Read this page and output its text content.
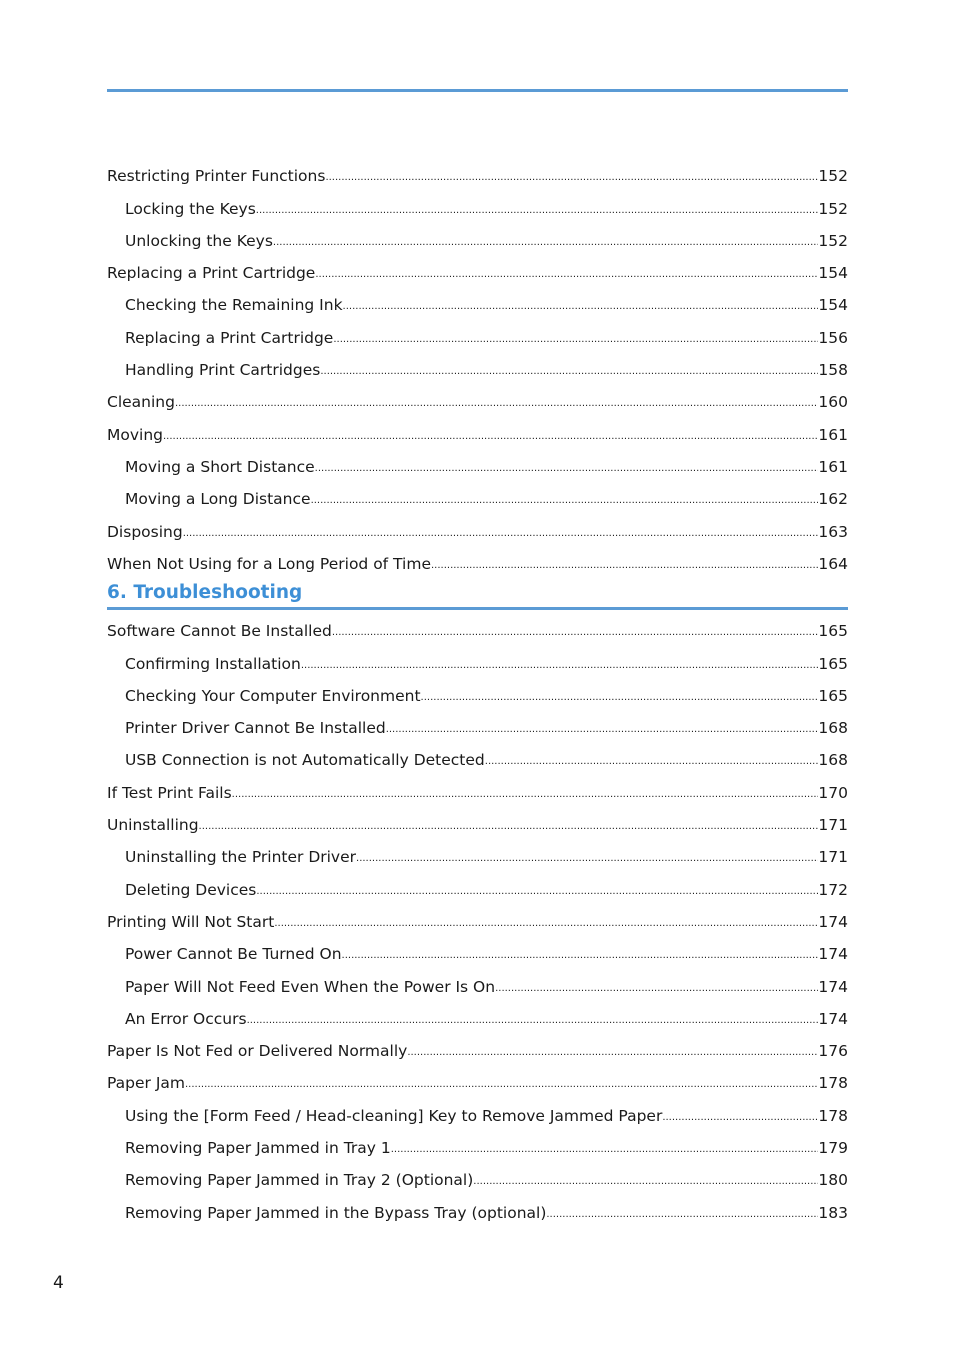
Restricting Printer Functions .....	152
Locking the Keys .....	152
Unlocking the Keys .....	152
Replacing a Print Cartridge .....	154
Checking the Remaining Ink .....	154
Replacing a Print Cartridge .....	156
Handling Print Cartridges .....	158
Cleaning .....	160
Moving .....	161
Moving a Short Distance .....	161
Moving a Long Distance .....	162
Disposing .....	163
When Not Using for a Long Period of Time .....	164
6. Troubleshooting
Software Cannot Be Installed .....	165
Confirming Installation .....	165
Checking Your Computer Environment .....	165
Printer Driver Cannot Be Installed .....	168
USB Connection is not Automatically Detected .....	168
If Test Print Fails .....	170
Uninstalling .....	171
Uninstalling the Printer Driver .....	171
Deleting Devices .....	172
Printing Will Not Start .....	174
Power Cannot Be Turned On .....	174
Paper Will Not Feed Even When the Power Is On .....	174
An Error Occurs .....	174
Paper Is Not Fed or Delivered Normally .....	176
Paper Jam .....	178
Using the [Form Feed / Head-cleaning] Key to Remove Jammed Paper .....	178
Removing Paper Jammed in Tray 1 .....	179
Removing Paper Jammed in Tray 2 (Optional) .....	180
Removing Paper Jammed in the Bypass Tray (optional) .....	183
4
